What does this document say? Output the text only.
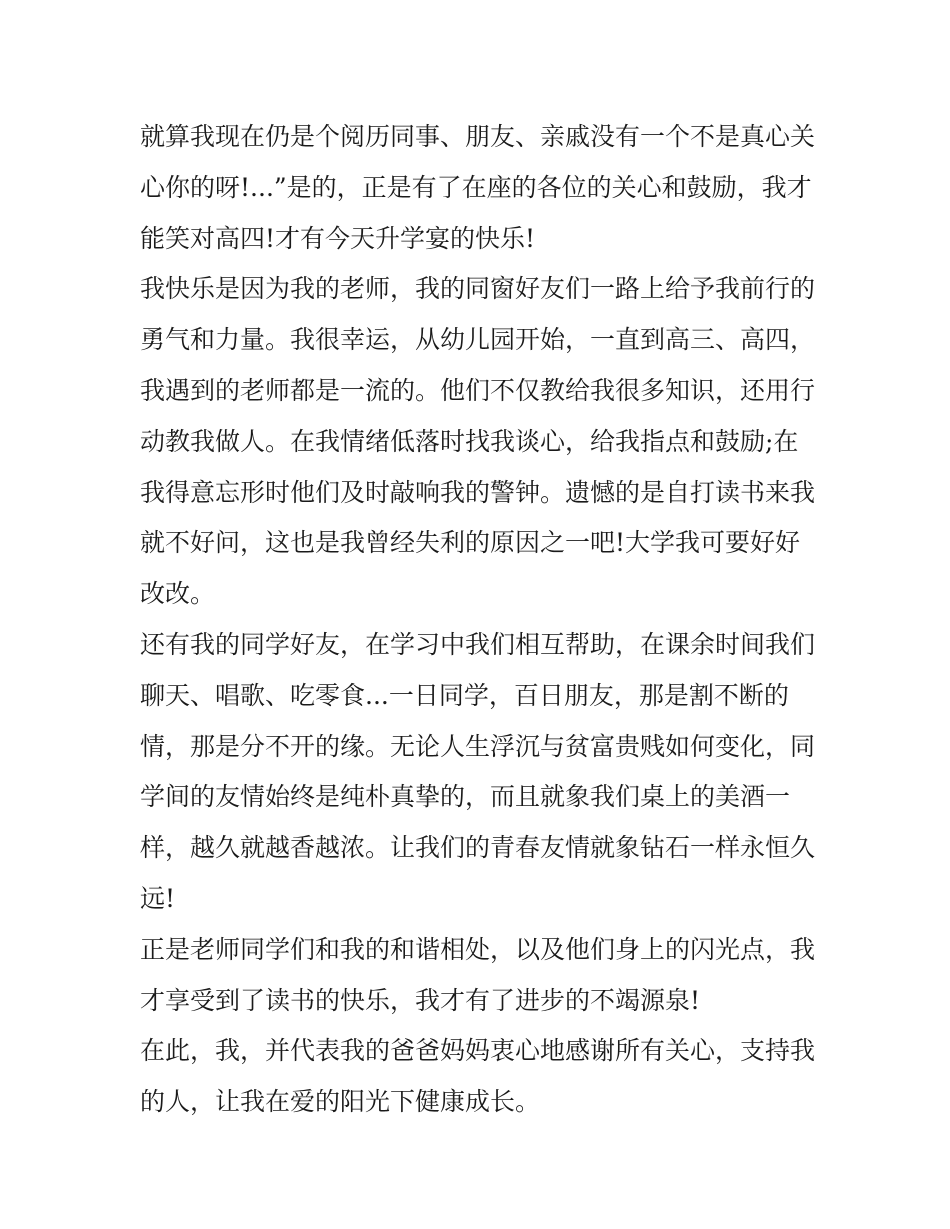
就算我现在仍是个阅历同事、朋友、亲戚没有一个不是真心关
心你的呀!...”是的，正是有了在座的各位的关心和鼓励，我才
能笑对高四!才有今天升学宴的快乐!
我快乐是因为我的老师，我的同窗好友们一路上给予我前行的
勇气和力量。我很幸运，从幼儿园开始，一直到高三、高四，
我遇到的老师都是一流的。他们不仅教给我很多知识，还用行
动教我做人。在我情绪低落时找我谈心，给我指点和鼓励;在
我得意忘形时他们及时敲响我的警钟。遗憾的是自打读书来我
就不好问，这也是我曾经失利的原因之一吧!大学我可要好好
改改。
还有我的同学好友，在学习中我们相互帮助，在课余时间我们
聊天、唱歌、吃零食...一日同学，百日朋友，那是割不断的
情，那是分不开的缘。无论人生浮沉与贫富贵贱如何变化，同
学间的友情始终是纯朴真挚的，而且就象我们桌上的美酒一
样，越久就越香越浓。让我们的青春友情就象钻石一样永恒久
远!
正是老师同学们和我的和谐相处，以及他们身上的闪光点，我
才享受到了读书的快乐，我才有了进步的不竭源泉!
在此，我，并代表我的爸爸妈妈衷心地感谢所有关心，支持我
的人，让我在爱的阳光下健康成长。
